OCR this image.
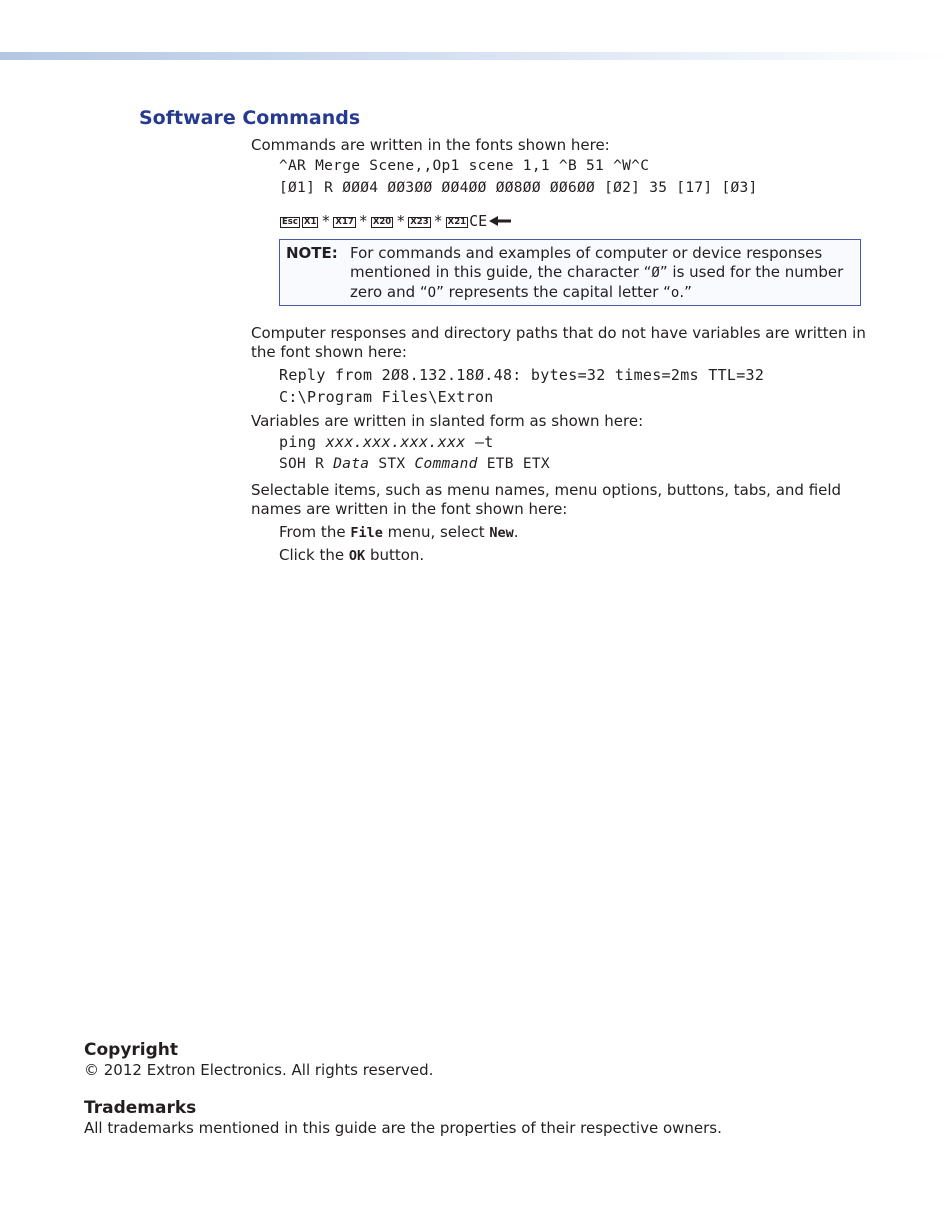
Software Commands

Commands are written in the fonts shown here:

^AR Merge Scene,,Op1 scene 1,1 ^B 51 ^W^C
[Ø1] R ØØØ4 ØØ3ØØ ØØ4ØØ ØØ8ØØ ØØ6ØØ [Ø2] 35 [17] [Ø3]
Esc X1 * X17 * X20 * X23 * X21 CE
NOTE: For commands and examples of computer or device responses mentioned in this guide, the character “Ø” is used for the number zero and “O” represents the capital letter “o.”

Computer responses and directory paths that do not have variables are written in the font shown here:

Reply from 2Ø8.132.18Ø.48: bytes=32 times=2ms TTL=32
C:\Program Files\Extron

Variables are written in slanted form as shown here:

ping xxx.xxx.xxx.xxx —t
SOH R Data STX Command ETB ETX

Selectable items, such as menu names, menu options, buttons, tabs, and field names are written in the font shown here:

From the File menu, select New.
Click the OK button.

Copyright

© 2012 Extron Electronics. All rights reserved.

Trademarks

All trademarks mentioned in this guide are the properties of their respective owners.
